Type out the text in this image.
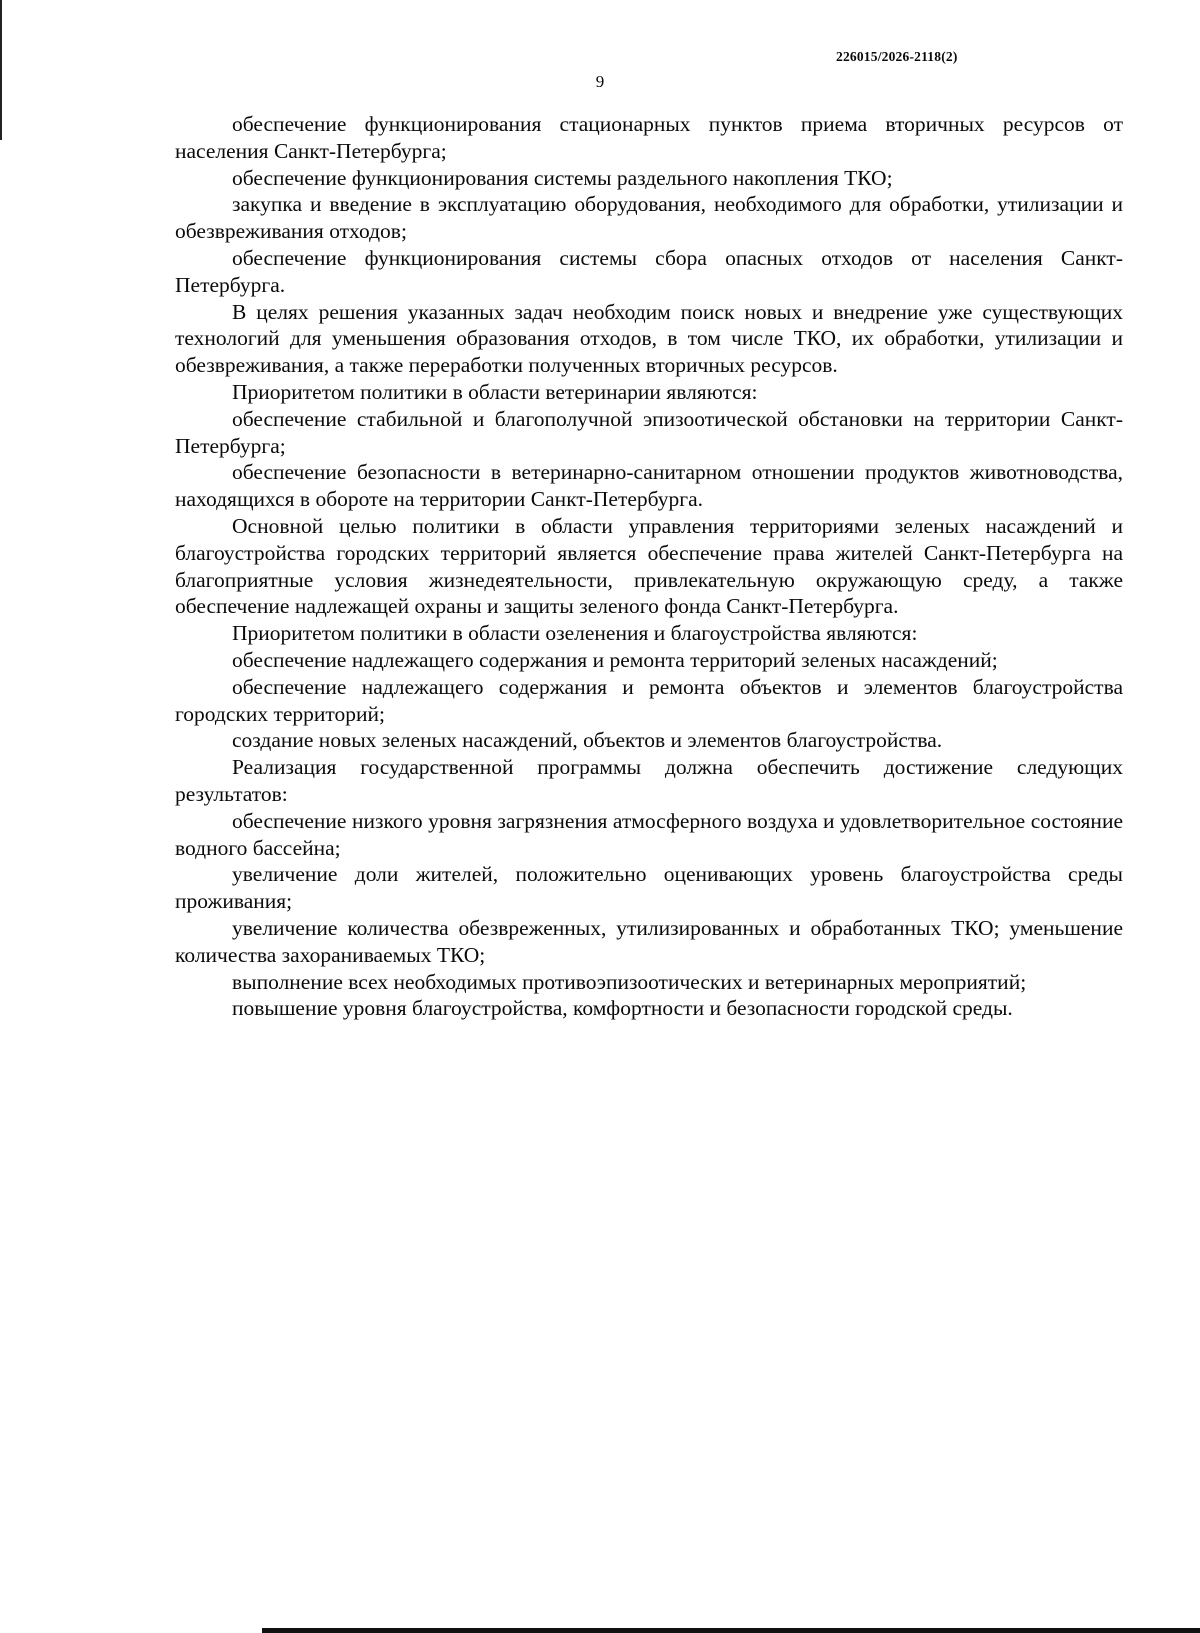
226015/2026-2118(2)
9

обеспечение функционирования стационарных пунктов приема вторичных ресурсов от населения Санкт-Петербурга;

обеспечение функционирования системы раздельного накопления ТКО;

закупка и введение в эксплуатацию оборудования, необходимого для обработки, утилизации и обезвреживания отходов;

обеспечение функционирования системы сбора опасных отходов от населения Санкт-Петербурга.

В целях решения указанных задач необходим поиск новых и внедрение уже существующих технологий для уменьшения образования отходов, в том числе ТКО, их обработки, утилизации и обезвреживания, а также переработки полученных вторичных ресурсов.

Приоритетом политики в области ветеринарии являются:

обеспечение стабильной и благополучной эпизоотической обстановки на территории Санкт-Петербурга;

обеспечение безопасности в ветеринарно-санитарном отношении продуктов животноводства, находящихся в обороте на территории Санкт-Петербурга.

Основной целью политики в области управления территориями зеленых насаждений и благоустройства городских территорий является обеспечение права жителей Санкт-Петербурга на благоприятные условия жизнедеятельности, привлекательную окружающую среду, а также обеспечение надлежащей охраны и защиты зеленого фонда Санкт-Петербурга.

Приоритетом политики в области озеленения и благоустройства являются:

обеспечение надлежащего содержания и ремонта территорий зеленых насаждений;

обеспечение надлежащего содержания и ремонта объектов и элементов благоустройства городских территорий;

создание новых зеленых насаждений, объектов и элементов благоустройства.

Реализация государственной программы должна обеспечить достижение следующих результатов:

обеспечение низкого уровня загрязнения атмосферного воздуха и удовлетворительное состояние водного бассейна;

увеличение доли жителей, положительно оценивающих уровень благоустройства среды проживания;

увеличение количества обезвреженных, утилизированных и обработанных ТКО; уменьшение количества захораниваемых ТКО;

выполнение всех необходимых противоэпизоотических и ветеринарных мероприятий;

повышение уровня благоустройства, комфортности и безопасности городской среды.
